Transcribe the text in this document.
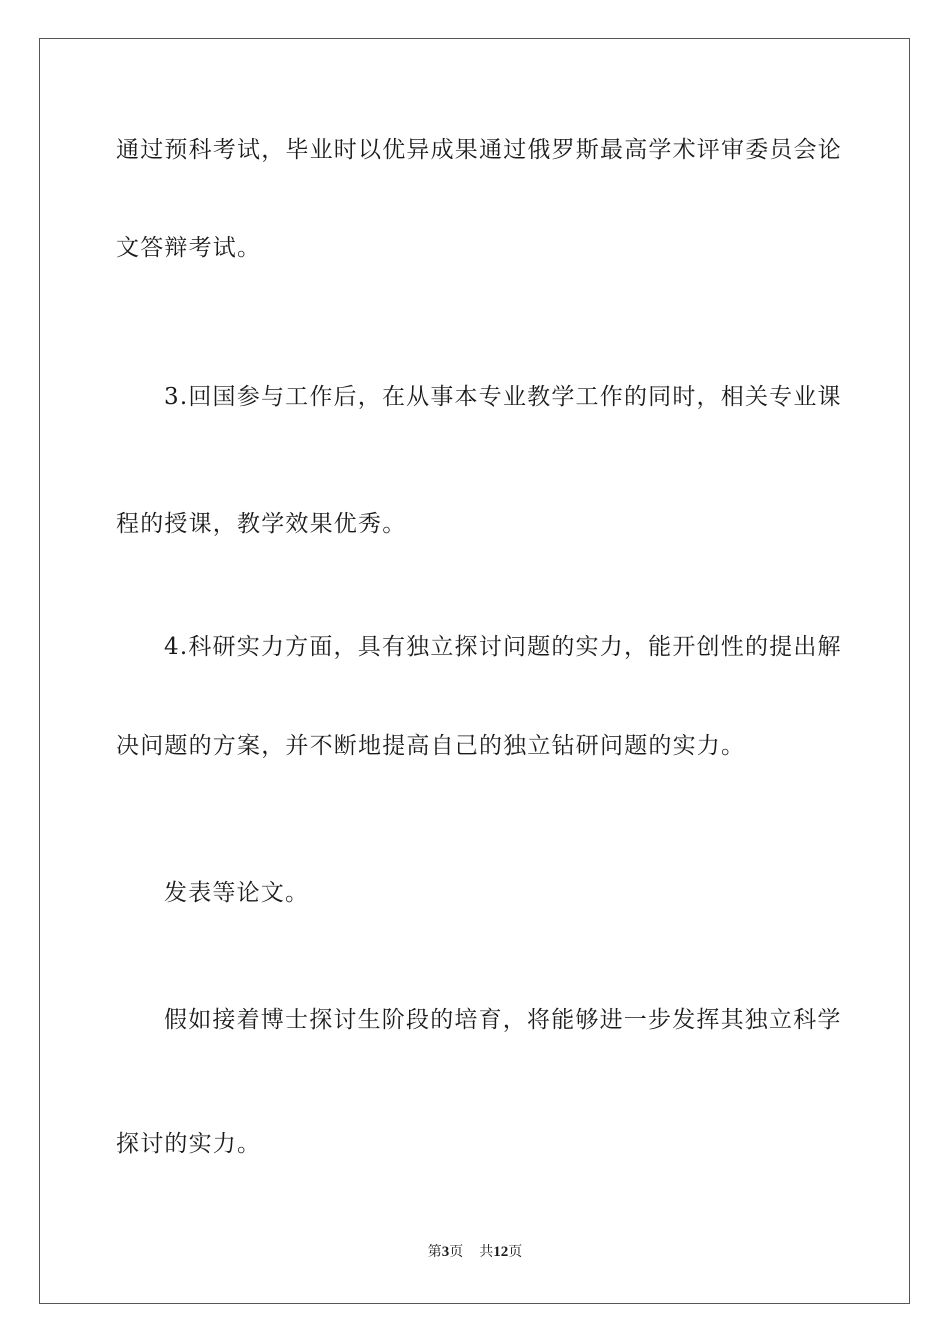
通过预科考试，毕业时以优异成果通过俄罗斯最高学术评审委员会论
文答辩考试。
3.回国参与工作后，在从事本专业教学工作的同时，相关专业课
程的授课，教学效果优秀。
4.科研实力方面，具有独立探讨问题的实力，能开创性的提出解
决问题的方案，并不断地提高自己的独立钻研问题的实力。
发表等论文。
假如接着博士探讨生阶段的培育，将能够进一步发挥其独立科学
探讨的实力。
第3页 共12页
